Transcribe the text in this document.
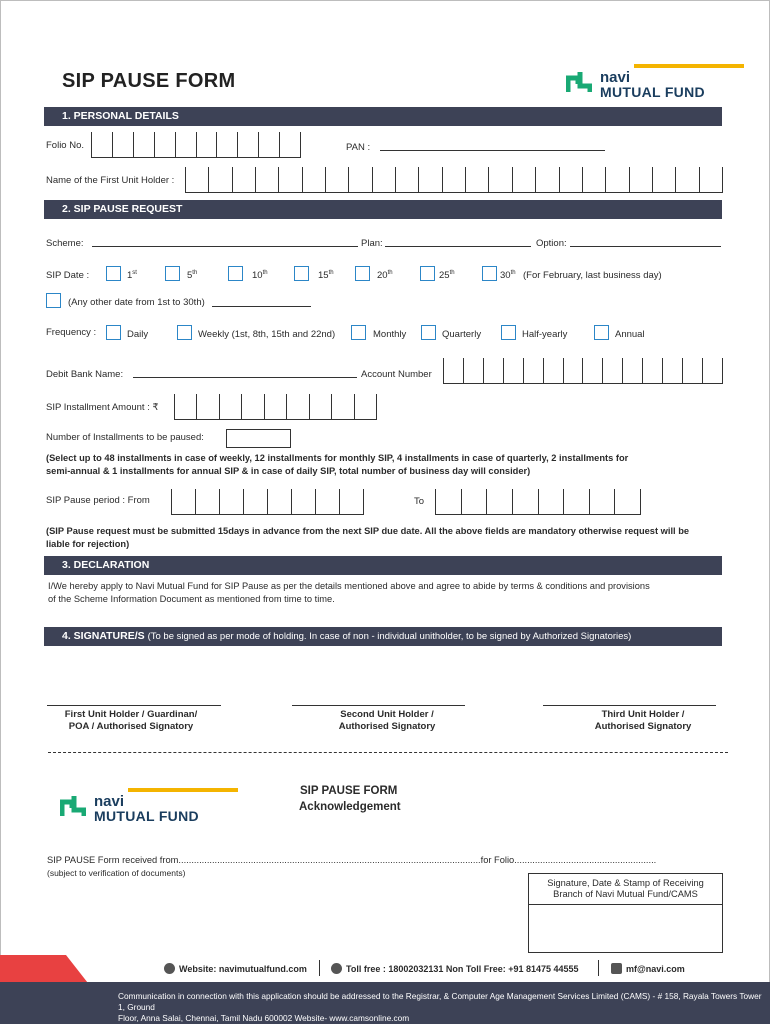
SIP PAUSE FORM	navi
MUTUAL FUND
1. PERSONAL DETAILS
Folio No.	PAN :
Name of the First Unit Holder :
2. SIP PAUSE REQUEST
Scheme:	Plan:	Option:
SIP Date :	1st	5th	10th	15th	20th	25th	30th (For February, last business day)
(Any other date from 1st to 30th)
Frequency :	Daily	Weekly (1st, 8th, 15th and 22nd)	Monthly	Quarterly	Half-yearly	Annual
Debit Bank Name:	Account Number
SIP Installment Amount : ₹
Number of Installments to be paused:
(Select up to 48 installments in case of weekly, 12 installments for monthly SIP, 4 installments in case of quarterly, 2 installments for
semi-annual & 1 installments for annual SIP & in case of daily SIP, total number of business day will consider)
SIP Pause period : From	To
(SIP Pause request must be submitted 15days in advance from the next SIP due date. All the above fields are mandatory otherwise request will be
liable for rejection)
3. DECLARATION
I/We hereby apply to Navi Mutual Fund for SIP Pause as per the details mentioned above and agree to abide by terms & conditions and provisions
of the Scheme Information Document as mentioned from time to time.
4. SIGNATURE/S (To be signed as per mode of holding. In case of non - individual unitholder, to be signed by Authorized Signatories)
First Unit Holder / Guardinan/
POA / Authorised Signatory
Second Unit Holder /
Authorised Signatory
Third Unit Holder /
Authorised Signatory
navi
MUTUAL FUND
SIP PAUSE FORM
Acknowledgement
SIP PAUSE Form received from.....................................................................................................................for Folio.......................................................
(subject to verification of documents)
Signature, Date & Stamp of Receiving
Branch of Navi Mutual Fund/CAMS
Website: navimutualfund.com	Toll free : 18002032131 Non Toll Free: +91 81475 44555	mf@navi.com
Communication in connection with this application should be addressed to the Registrar, & Computer Age Management Services Limited (CAMS) - # 158, Rayala Towers Tower 1, Ground
Floor, Anna Salai, Chennai, Tamil Nadu 600002 Website- www.camsonline.com
